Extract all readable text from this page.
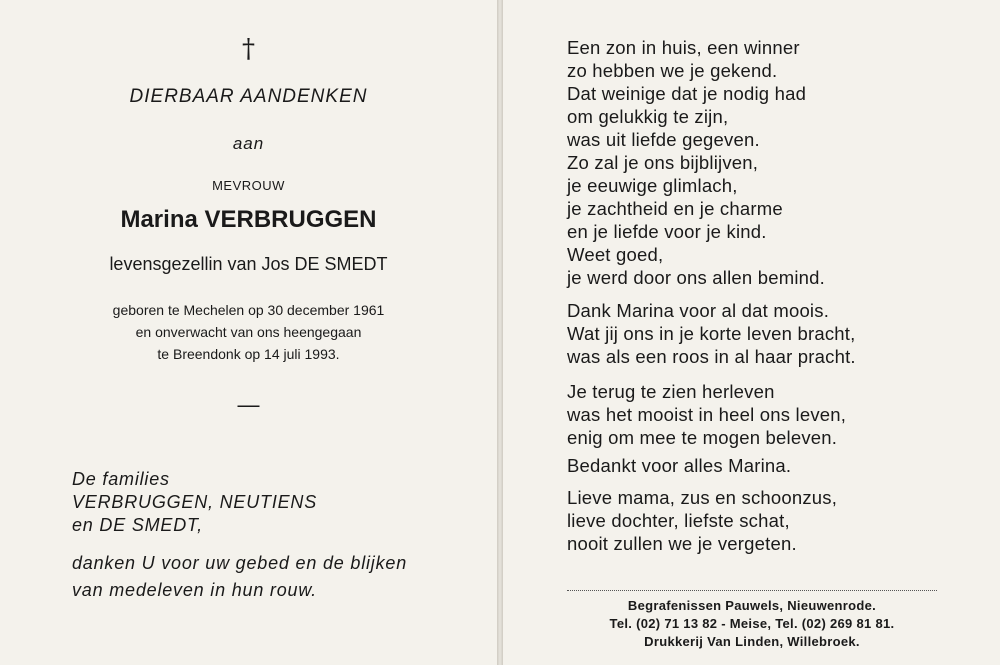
†
DIERBAAR AANDENKEN
aan
MEVROUW
Marina VERBRUGGEN
levensgezellin van Jos DE SMEDT
geboren te Mechelen op 30 december 1961
en onverwacht van ons heengegaan
te Breendonk op 14 juli 1993.
—
De families
VERBRUGGEN, NEUTIENS
en DE SMEDT,
danken U voor uw gebed en de blijken
van medeleven in hun rouw.
Een zon in huis, een winner
zo hebben we je gekend.
Dat weinige dat je nodig had
om gelukkig te zijn,
was uit liefde gegeven.
Zo zal je ons bijblijven,
je eeuwige glimlach,
je zachtheid en je charme
en je liefde voor je kind.
Weet goed,
je werd door ons allen bemind.
Dank Marina voor al dat moois.
Wat jij ons in je korte leven bracht,
was als een roos in al haar pracht.
Je terug te zien herleven
was het mooist in heel ons leven,
enig om mee te mogen beleven.
Bedankt voor alles Marina.
Lieve mama, zus en schoonzus,
lieve dochter, liefste schat,
nooit zullen we je vergeten.
Begrafenissen Pauwels, Nieuwenrode.
Tel. (02) 71 13 82 - Meise, Tel. (02) 269 81 81.
Drukkerij Van Linden, Willebroek.
